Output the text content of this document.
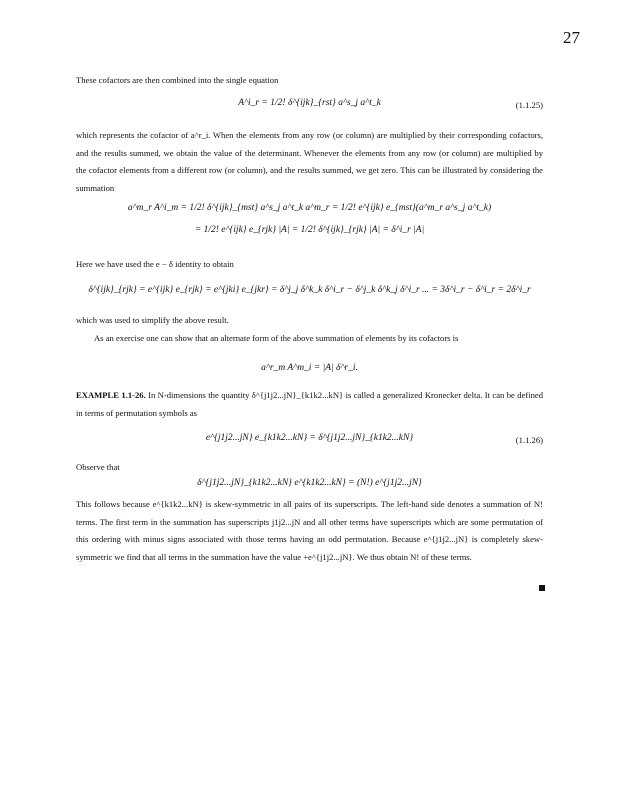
27
These cofactors are then combined into the single equation
A^i_r = 1/2! δ^{ijk}_{rst} a^s_j a^t_k	(1.1.25)
which represents the cofactor of a^r_i. When the elements from any row (or column) are multiplied by their corresponding cofactors, and the results summed, we obtain the value of the determinant. Whenever the elements from any row (or column) are multiplied by the cofactor elements from a different row (or column), and the results summed, we get zero. This can be illustrated by considering the summation
a^m_r A^i_m = 1/2! δ^{ijk}_{mst} a^s_j a^t_k a^m_r = 1/2! e^{ijk} e_{mst}(a^m_r a^s_j a^t_k)
= 1/2! e^{ijk} e_{rjk} |A| = 1/2! δ^{ijk}_{rjk} |A| = δ^i_r |A|
Here we have used the e − δ identity to obtain
δ^{ijk}_{rjk} = e^{ijk} e_{rjk} = e^{jki} e_{jkr} = δ^j_j δ^k_k δ^i_r − δ^j_k δ^k_j δ^i_r ... = 3δ^i_r − δ^i_r = 2δ^i_r
which was used to simplify the above result.
As an exercise one can show that an alternate form of the above summation of elements by its cofactors is
a^r_m A^m_i = |A| δ^r_i.
EXAMPLE 1.1-26. In N-dimensions the quantity δ^{j1j2...jN}_{k1k2...kN} is called a generalized Kronecker delta. It can be defined in terms of permutation symbols as
e^{j1j2...jN} e_{k1k2...kN} = δ^{j1j2...jN}_{k1k2...kN}	(1.1.26)
Observe that
δ^{j1j2...jN}_{k1k2...kN} e^{k1k2...kN} = (N!) e^{j1j2...jN}
This follows because e^{k1k2...kN} is skew-symmetric in all pairs of its superscripts. The left-hand side denotes a summation of N! terms. The first term in the summation has superscripts j1j2...jN and all other terms have superscripts which are some permutation of this ordering with minus signs associated with those terms having an odd permutation. Because e^{j1j2...jN} is completely skew-symmetric we find that all terms in the summation have the value +e^{j1j2...jN}. We thus obtain N! of these terms.
